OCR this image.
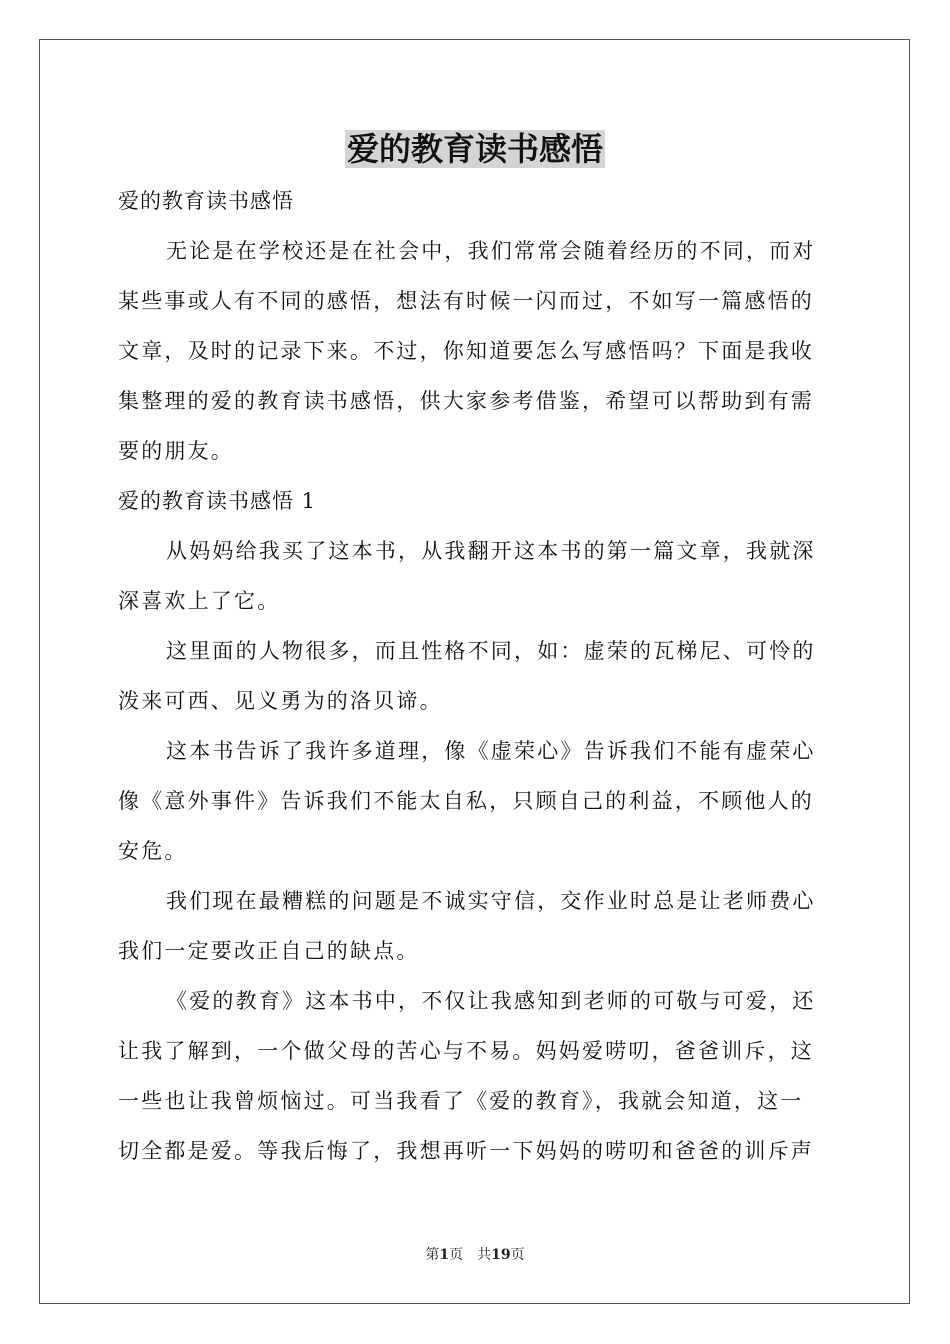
爱的教育读书感悟
爱的教育读书感悟
无论是在学校还是在社会中，我们常常会随着经历的不同，而对
某些事或人有不同的感悟，想法有时候一闪而过，不如写一篇感悟的
文章，及时的记录下来。不过，你知道要怎么写感悟吗？下面是我收
集整理的爱的教育读书感悟，供大家参考借鉴，希望可以帮助到有需
要的朋友。
爱的教育读书感悟 1
从妈妈给我买了这本书，从我翻开这本书的第一篇文章，我就深
深喜欢上了它。
这里面的人物很多，而且性格不同，如：虚荣的瓦梯尼、可怜的
泼来可西、见义勇为的洛贝谛。
这本书告诉了我许多道理，像《虚荣心》告诉我们不能有虚荣心
像《意外事件》告诉我们不能太自私，只顾自己的利益，不顾他人的
安危。
我们现在最糟糕的问题是不诚实守信，交作业时总是让老师费心
我们一定要改正自己的缺点。
《爱的教育》这本书中，不仅让我感知到老师的可敬与可爱，还
让我了解到，一个做父母的苦心与不易。妈妈爱唠叨，爸爸训斥，这
一些也让我曾烦恼过。可当我看了《爱的教育》，我就会知道，这一
切全都是爱。等我后悔了，我想再听一下妈妈的唠叨和爸爸的训斥声
第1页 共19页
